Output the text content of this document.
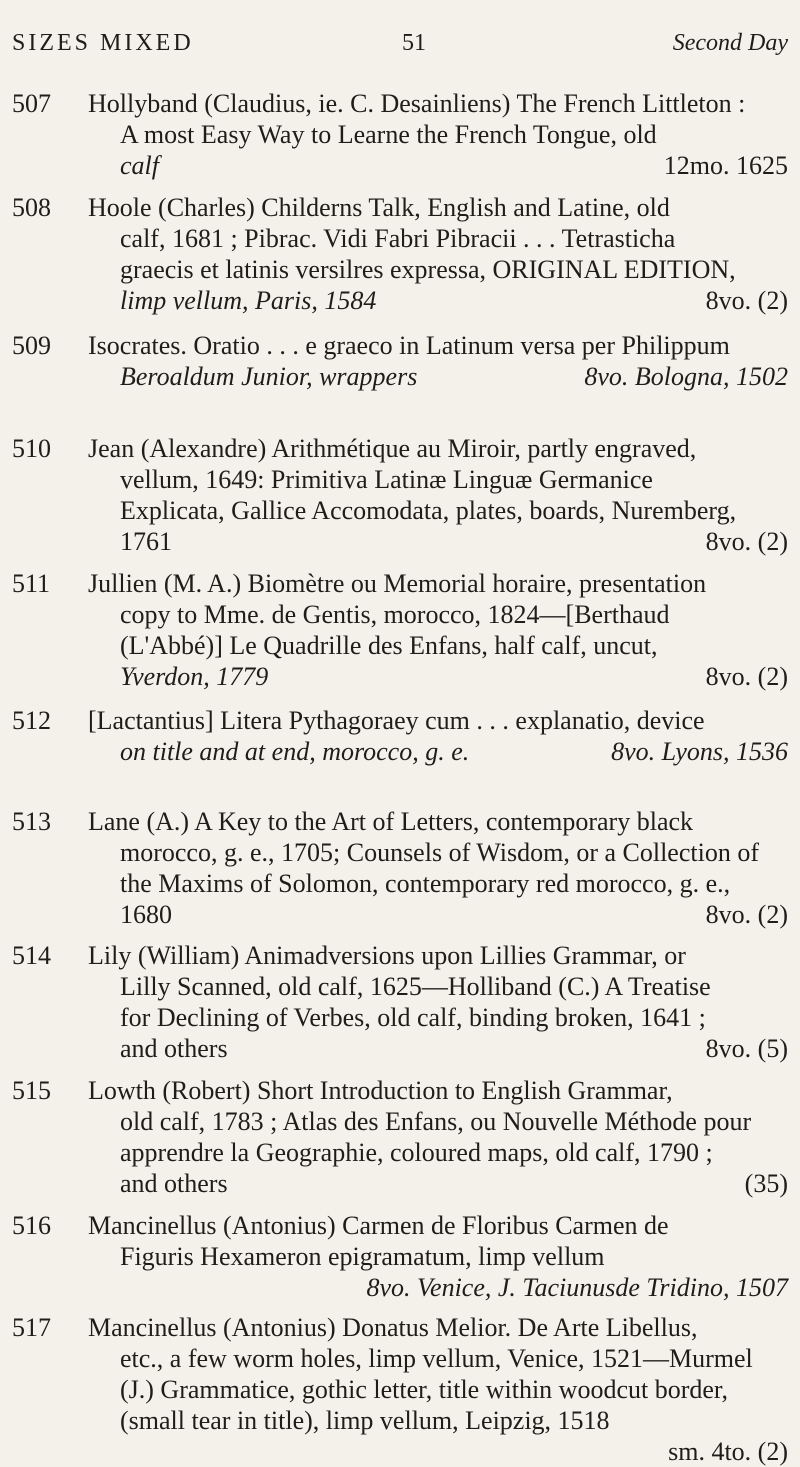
SIZES MIXED	51	Second Day
507 Hollyband (Claudius, ie. C. Desainliens) The French Littleton :
A most Easy Way to Learne the French Tongue, old
calf	12mo. 1625
508 Hoole (Charles) Childerns Talk, English and Latine, old
calf, 1681 ; Pibrac. Vidi Fabri Pibracii . . . Tetrasticha
graecis et latinis versilres expressa, ORIGINAL EDITION,
limp vellum, Paris, 1584	8vo. (2)
509 Isocrates. Oratio . . . e graeco in Latinum versa per Philippum
Beroaldum Junior, wrappers	8vo. Bologna, 1502
510 Jean (Alexandre) Arithmétique au Miroir, partly engraved,
vellum, 1649: Primitiva Latinæ Linguæ Germanice
Explicata, Gallice Accomodata, plates, boards, Nuremberg,
1761	8vo. (2)
511 Jullien (M. A.) Biomètre ou Memorial horaire, presentation
copy to Mme. de Gentis, morocco, 1824—[Berthaud
(L'Abbé)] Le Quadrille des Enfans, half calf, uncut,
Yverdon, 1779	8vo. (2)
512 [Lactantius] Litera Pythagoraey cum . . . explanatio, device
on title and at end, morocco, g. e.	8vo. Lyons, 1536
513 Lane (A.) A Key to the Art of Letters, contemporary black
morocco, g. e., 1705; Counsels of Wisdom, or a Collection of
the Maxims of Solomon, contemporary red morocco, g. e.,
1680	8vo. (2)
514 Lily (William) Animadversions upon Lillies Grammar, or
Lilly Scanned, old calf, 1625—Holliband (C.) A Treatise
for Declining of Verbes, old calf, binding broken, 1641 ;
and others	8vo. (5)
515 Lowth (Robert) Short Introduction to English Grammar,
old calf, 1783 ; Atlas des Enfans, ou Nouvelle Méthode pour
apprendre la Geographie, coloured maps, old calf, 1790 ;
and others	(35)
516 Mancinellus (Antonius) Carmen de Floribus Carmen de
Figuris Hexameron epigramatum, limp vellum
8vo. Venice, J. Taciunusde Tridino, 1507
517 Mancinellus (Antonius) Donatus Melior. De Arte Libellus,
etc., a few worm holes, limp vellum, Venice, 1521—Murmel
(J.) Grammatice, gothic letter, title within woodcut border,
(small tear in title), limp vellum, Leipzig, 1518
sm. 4to. (2)
